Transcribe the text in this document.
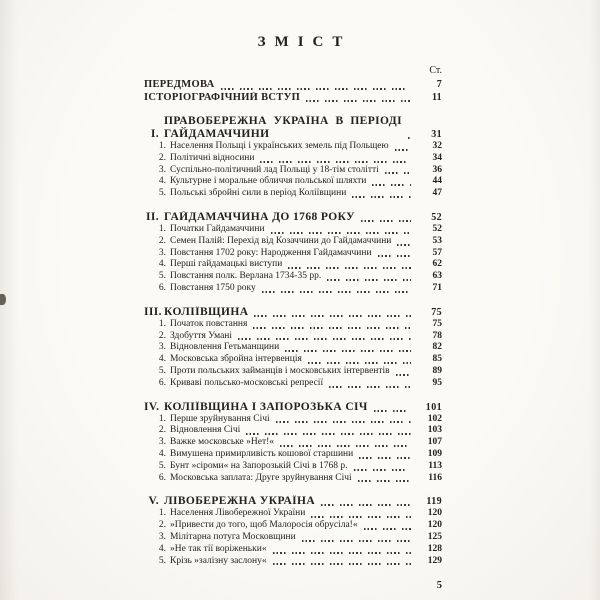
ЗМІСТ
Ст.
ПЕРЕДМОВА	7
ІСТОРІОГРАФІЧНИЙ ВСТУП	11
I.
ПРАВОБЕРЕЖНА УКРАЇНА В ПЕРІОДІ ГАЙДАМАЧЧИНИ	31
1. Населення Польщі і українських земель під Польщею	32
2. Політичні відносини	34
3. Суспільно-політичний лад Польщі у 18-тім столітті	36
4. Культурне і моральне обличчя польської шляхти	44
5. Польські збройні сили в період Коліївщини	47
II. ГАЙДАМАЧЧИНА ДО 1768 РОКУ	52
1. Початки Гайдамаччини	52
2. Семен Палій: Перехід від Козаччини до Гайдамаччини	53
3. Повстання 1702 року: Народження Гайдамаччини	57
4. Перші гайдамацькі виступи	62
5. Повстання полк. Верлана 1734-35 рр.	63
6. Повстання 1750 року	71
III. КОЛІЇВЩИНА	75
1. Початок повстання	75
2. Здобуття Умані	78
3. Відновлення Гетьманщини	82
4. Московська збройна інтервенція	85
5. Проти польських займанців і московських інтервентів	89
6. Криваві польсько-московські репресії	95
IV. КОЛІЇВЩИНА І ЗАПОРОЗЬКА СІЧ	101
1. Перше зруйнування Січі	102
2. Відновлення Січі	103
3. Важке московське »Нет!«	107
4. Вимушена примирливість кошової старшини	109
5. Бунт »сіроми« на Запорозькій Січі в 1768 р.	113
6. Московська заплата: Друге зруйнування Січі	116
V. ЛІВОБЕРЕЖНА УКРАЇНА	119
1. Населення Лівобережної України	120
2. »Привести до того, щоб Малоросія обрусіла!«	120
3. Мілітарна потуга Московщини	125
4. »Не так тії воріженьки«	128
5. Крізь »залізну заслону«	129
5
